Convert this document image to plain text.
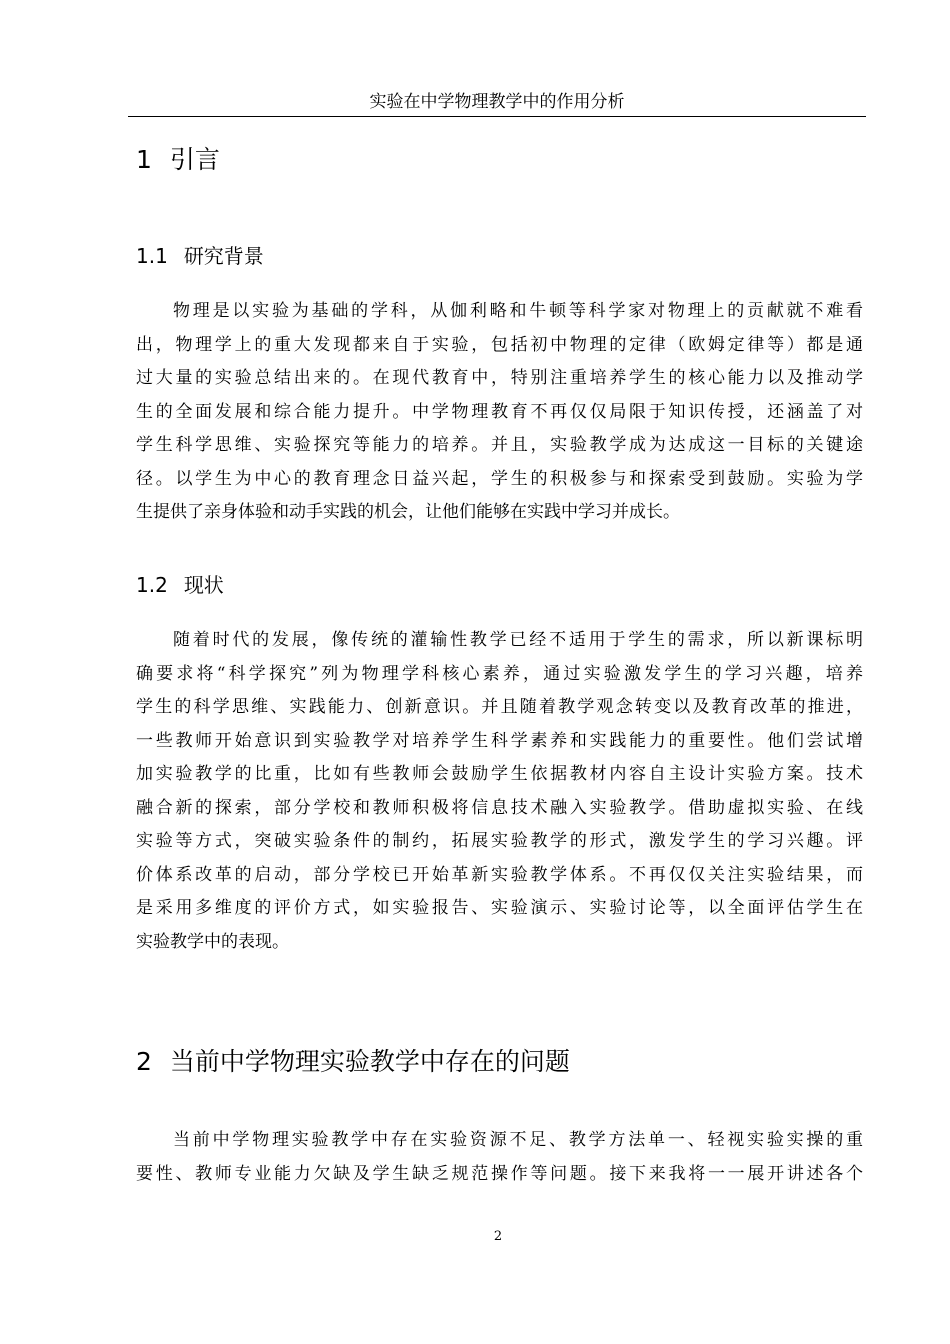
实验在中学物理教学中的作用分析
1 引言
1.1 研究背景
物理是以实验为基础的学科，从伽利略和牛顿等科学家对物理上的贡献就不难看
出，物理学上的重大发现都来自于实验，包括初中物理的定律（欧姆定律等）都是通
过大量的实验总结出来的。在现代教育中，特别注重培养学生的核心能力以及推动学
生的全面发展和综合能力提升。中学物理教育不再仅仅局限于知识传授，还涵盖了对
学生科学思维、实验探究等能力的培养。并且，实验教学成为达成这一目标的关键途
径。以学生为中心的教育理念日益兴起，学生的积极参与和探索受到鼓励。实验为学
生提供了亲身体验和动手实践的机会，让他们能够在实践中学习并成长。
1.2 现状
随着时代的发展，像传统的灌输性教学已经不适用于学生的需求，所以新课标明
确要求将“科学探究”列为物理学科核心素养，通过实验激发学生的学习兴趣，培养
学生的科学思维、实践能力、创新意识。并且随着教学观念转变以及教育改革的推进，
一些教师开始意识到实验教学对培养学生科学素养和实践能力的重要性。他们尝试增
加实验教学的比重，比如有些教师会鼓励学生依据教材内容自主设计实验方案。技术
融合新的探索，部分学校和教师积极将信息技术融入实验教学。借助虚拟实验、在线
实验等方式，突破实验条件的制约，拓展实验教学的形式，激发学生的学习兴趣。评
价体系改革的启动，部分学校已开始革新实验教学体系。不再仅仅关注实验结果，而
是采用多维度的评价方式，如实验报告、实验演示、实验讨论等，以全面评估学生在
实验教学中的表现。
2 当前中学物理实验教学中存在的问题
当前中学物理实验教学中存在实验资源不足、教学方法单一、轻视实验实操的重
要性、教师专业能力欠缺及学生缺乏规范操作等问题。接下来我将一一展开讲述各个
2
